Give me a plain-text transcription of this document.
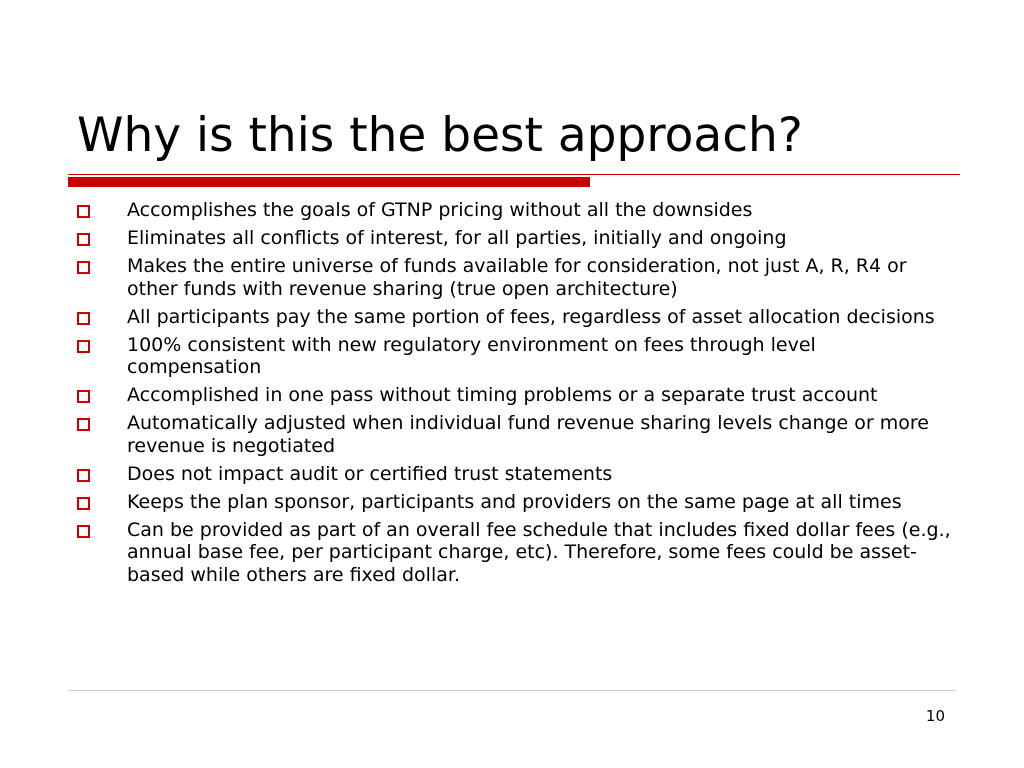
Why is this the best approach?
Accomplishes the goals of GTNP pricing without all the downsides
Eliminates all conflicts of interest, for all parties, initially and ongoing
Makes the entire universe of funds available for consideration, not just A, R, R4 or other funds with revenue sharing (true open architecture)
All participants pay the same portion of fees, regardless of asset allocation decisions
100% consistent with new regulatory environment on fees through level compensation
Accomplished in one pass without timing problems or a separate trust account
Automatically adjusted when individual fund revenue sharing levels change or more revenue is negotiated
Does not impact audit or certified trust statements
Keeps the plan sponsor, participants and providers on the same page at all times
Can be provided as part of an overall fee schedule that includes fixed dollar fees (e.g., annual base fee, per participant charge, etc). Therefore, some fees could be asset-based while others are fixed dollar.
10
